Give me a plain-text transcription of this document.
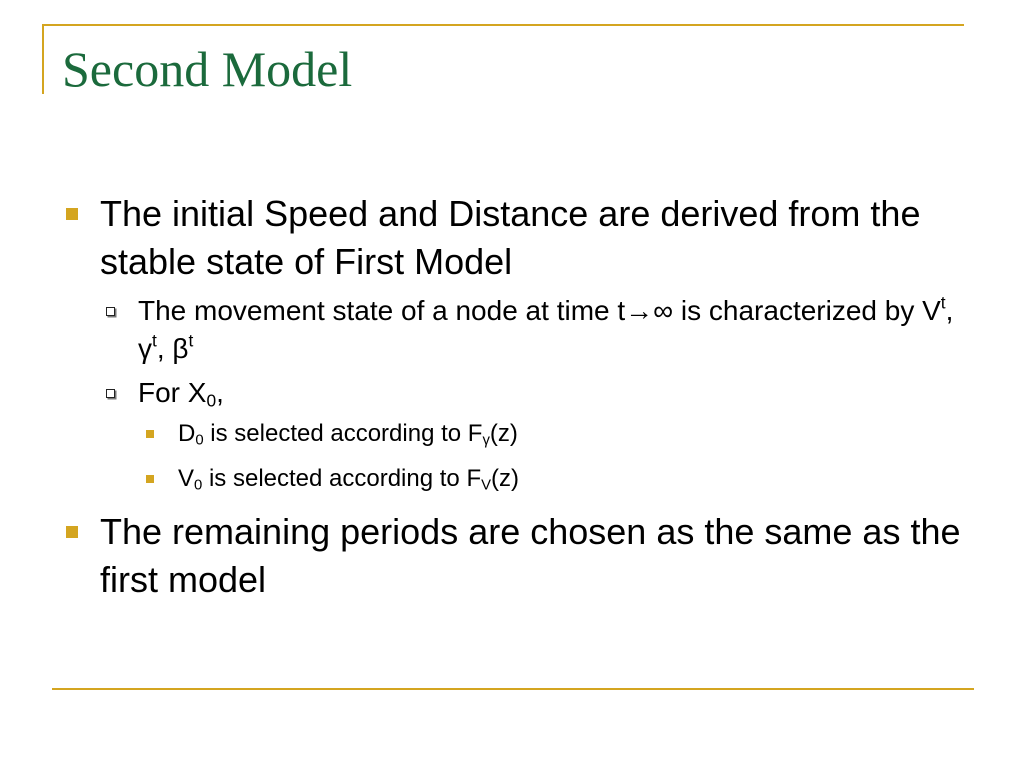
Second Model
The initial Speed and Distance are derived from the stable state of First Model
The movement state of a node at time t→∞ is characterized by $V^t$, $\gamma^t$, $\beta^t$
For $X_0$,
$D_0$ is selected according to $F_\gamma(z)$
$V_0$ is selected according to $F_V(z)$
The remaining periods are chosen as the same as the first model
